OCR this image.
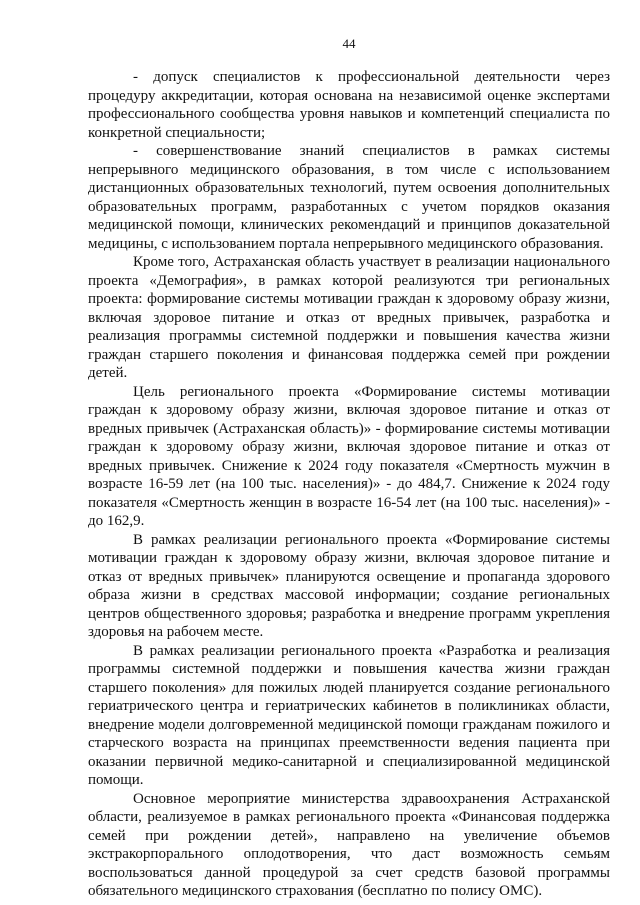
44

- допуск специалистов к профессиональной деятельности через процедуру аккредитации, которая основана на независимой оценке экспертами профессионального сообщества уровня навыков и компетенций специалиста по конкретной специальности;

- совершенствование знаний специалистов в рамках системы непрерывного медицинского образования, в том числе с использованием дистанционных образовательных технологий, путем освоения дополнительных образовательных программ, разработанных с учетом порядков оказания медицинской помощи, клинических рекомендаций и принципов доказательной медицины, с использованием портала непрерывного медицинского образования.

Кроме того, Астраханская область участвует в реализации национального проекта «Демография», в рамках которой реализуются три региональных проекта: формирование системы мотивации граждан к здоровому образу жизни, включая здоровое питание и отказ от вредных привычек, разработка и реализация программы системной поддержки и повышения качества жизни граждан старшего поколения и финансовая поддержка семей при рождении детей.

Цель регионального проекта «Формирование системы мотивации граждан к здоровому образу жизни, включая здоровое питание и отказ от вредных привычек (Астраханская область)» - формирование системы мотивации граждан к здоровому образу жизни, включая здоровое питание и отказ от вредных привычек. Снижение к 2024 году показателя «Смертность мужчин в возрасте 16-59 лет (на 100 тыс. населения)» - до 484,7. Снижение к 2024 году показателя «Смертность женщин в возрасте 16-54 лет (на 100 тыс. населения)» - до 162,9.

В рамках реализации регионального проекта «Формирование системы мотивации граждан к здоровому образу жизни, включая здоровое питание и отказ от вредных привычек» планируются освещение и пропаганда здорового образа жизни в средствах массовой информации; создание региональных центров общественного здоровья; разработка и внедрение программ укрепления здоровья на рабочем месте.

В рамках реализации регионального проекта «Разработка и реализация программы системной поддержки и повышения качества жизни граждан старшего поколения» для пожилых людей планируется создание регионального гериатрического центра и гериатрических кабинетов в поликлиниках области, внедрение модели долговременной медицинской помощи гражданам пожилого и старческого возраста на принципах преемственности ведения пациента при оказании первичной медико-санитарной и специализированной медицинской помощи.

Основное мероприятие министерства здравоохранения Астраханской области, реализуемое в рамках регионального проекта «Финансовая поддержка семей при рождении детей», направлено на увеличение объемов экстракорпорального оплодотворения, что даст возможность семьям воспользоваться данной процедурой за счет средств базовой программы обязательного медицинского страхования (бесплатно по полису ОМС).
